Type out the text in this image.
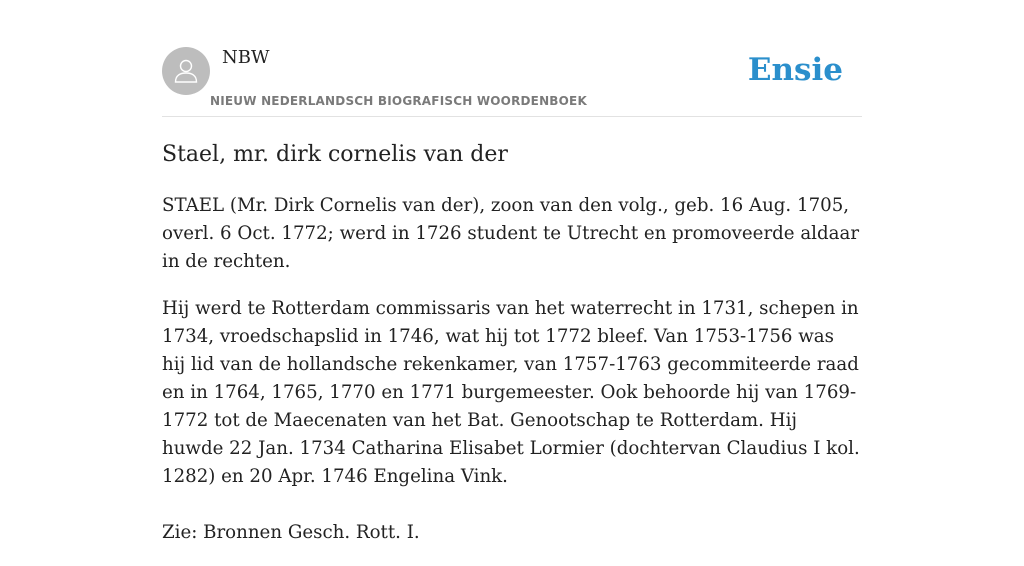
NBW
NIEUW NEDERLANDSCH BIOGRAFISCH WOORDENBOEK
Ensie
Stael, mr. dirk cornelis van der

STAEL (Mr. Dirk Cornelis van der), zoon van den volg., geb. 16 Aug. 1705, overl. 6 Oct. 1772; werd in 1726 student te Utrecht en promoveerde aldaar in de rechten.

Hij werd te Rotterdam commissaris van het waterrecht in 1731, schepen in 1734, vroedschapslid in 1746, wat hij tot 1772 bleef. Van 1753-1756 was hij lid van de hollandsche rekenkamer, van 1757-1763 gecommiteerde raad en in 1764, 1765, 1770 en 1771 burgemeester. Ook behoorde hij van 1769-1772 tot de Maecenaten van het Bat. Genootschap te Rotterdam. Hij huwde 22 Jan. 1734 Catharina Elisabet Lormier (dochtervan Claudius I kol. 1282) en 20 Apr. 1746 Engelina Vink.

Zie: Bronnen Gesch. Rott. I.
